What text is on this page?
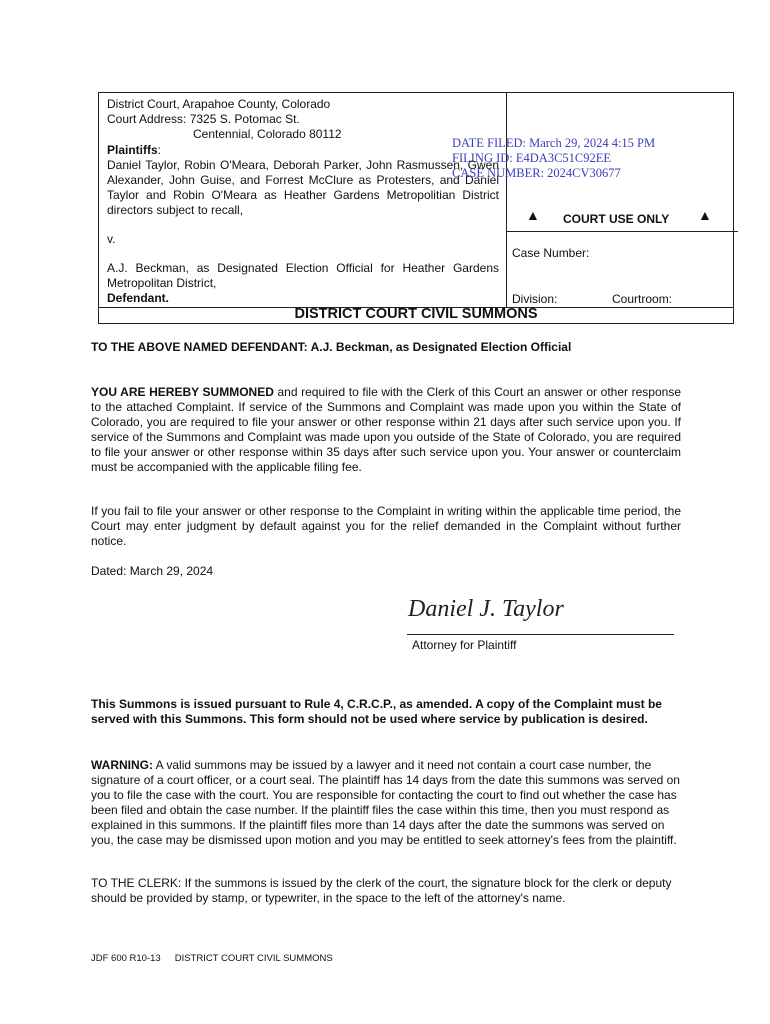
District Court, Arapahoe County, Colorado

Court Address: 7325 S. Potomac St.

Centennial, Colorado 80112

Plaintiffs:

Daniel Taylor, Robin O'Meara, Deborah Parker, John Rasmussen, Gwen Alexander, John Guise, and Forrest McClure as Protesters, and Daniel Taylor and Robin O'Meara as Heather Gardens Metropolitian District directors subject to recall,

v.

A.J. Beckman, as Designated Election Official for Heather Gardens Metropolitan District,

Defendant.

DATE FILED: March 29, 2024 4:15 PM
FILING ID: E4DA3C51C92EE
CASE NUMBER: 2024CV30677
▲ COURT USE ONLY	▲
Case Number:
Division:	Courtroom:
DISTRICT COURT CIVIL SUMMONS

TO THE ABOVE NAMED DEFENDANT: A.J. Beckman, as Designated Election Official

YOU ARE HEREBY SUMMONED and required to file with the Clerk of this Court an answer or other response to the attached Complaint. If service of the Summons and Complaint was made upon you within the State of Colorado, you are required to file your answer or other response within 21 days after such service upon you. If service of the Summons and Complaint was made upon you outside of the State of Colorado, you are required to file your answer or other response within 35 days after such service upon you. Your answer or counterclaim must be accompanied with the applicable filing fee.

If you fail to file your answer or other response to the Complaint in writing within the applicable time period, the Court may enter judgment by default against you for the relief demanded in the Complaint without further notice.

Dated: March 29, 2024

Daniel J. Taylor
Attorney for Plaintiff

This Summons is issued pursuant to Rule 4, C.R.C.P., as amended. A copy of the Complaint must be served with this Summons. This form should not be used where service by publication is desired.

WARNING: A valid summons may be issued by a lawyer and it need not contain a court case number, the signature of a court officer, or a court seal. The plaintiff has 14 days from the date this summons was served on you to file the case with the court. You are responsible for contacting the court to find out whether the case has been filed and obtain the case number. If the plaintiff files the case within this time, then you must respond as explained in this summons. If the plaintiff files more than 14 days after the date the summons was served on you, the case may be dismissed upon motion and you may be entitled to seek attorney's fees from the plaintiff.

TO THE CLERK: If the summons is issued by the clerk of the court, the signature block for the clerk or deputy should be provided by stamp, or typewriter, in the space to the left of the attorney's name.

JDF 600 R10-13 DISTRICT COURT CIVIL SUMMONS
